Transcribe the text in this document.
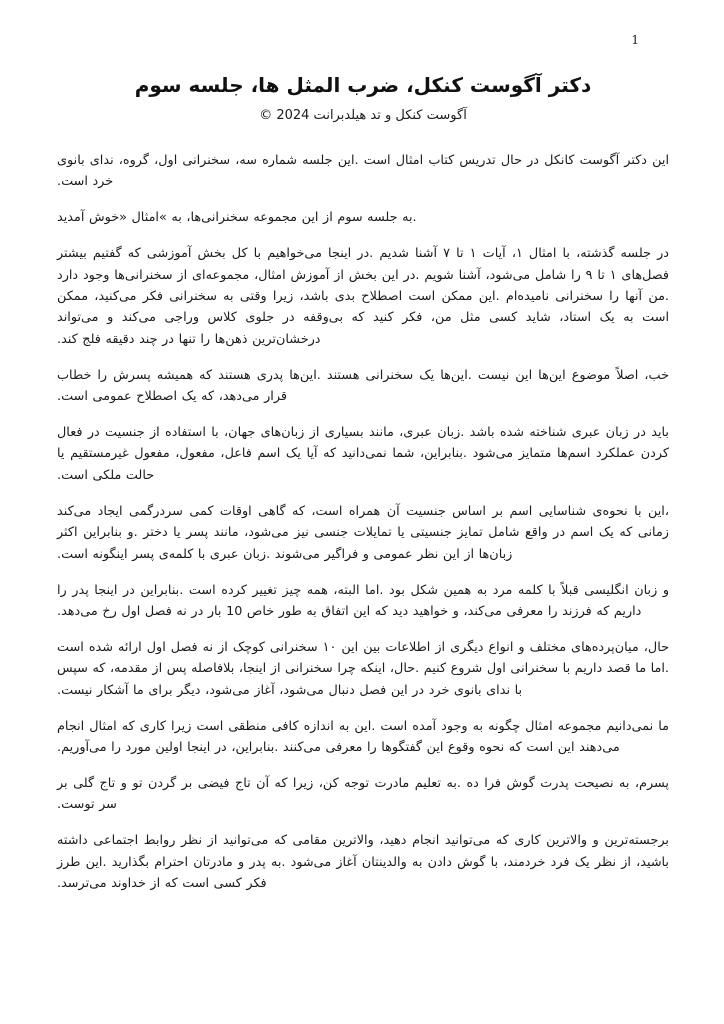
1
دکتر آگوست کنکل، ضرب المثل ها، جلسه سوم
آگوست کنکل و تد هیلدبرانت 2024 ©

این دکتر آگوست کانکل در حال تدریس کتاب امثال است .این جلسه شماره سه، سخنرانی اول، گروه، ندای بانوی خرد است.

.به جلسه سوم از این مجموعه سخنرانی‌ها، به »امثال «خوش آمدید

در جلسه گذشته، با امثال ۱، آیات ۱ تا ۷ آشنا شدیم .در اینجا می‌خواهیم با کل بخش آموزشی که گفتیم بیشتر فصل‌های ۱ تا ۹ را شامل می‌شود، آشنا شویم .در این بخش از آموزش امثال، مجموعه‌ای از سخنرانی‌ها وجود دارد .من آنها را سخنرانی نامیده‌ام .این ممکن است اصطلاح بدی باشد، زیرا وقتی به سخنرانی فکر می‌کنید، ممکن است به یک استاد، شاید کسی مثل من، فکر کنید که بی‌وقفه در جلوی کلاس وراجی می‌کند و می‌تواند درخشان‌ترین ذهن‌ها را تنها در چند دقیقه فلج کند.

خب، اصلاً موضوع این‌ها این نیست .این‌ها یک سخنرانی هستند .این‌ها پدری هستند که همیشه پسرش را خطاب قرار می‌دهد، که یک اصطلاح عمومی است.

باید در زبان عبری شناخته شده باشد .زبان عبری، مانند بسیاری از زبان‌های جهان، با استفاده از جنسیت در فعال کردن عملکرد اسم‌ها متمایز می‌شود .بنابراین، شما نمی‌دانید که آیا یک اسم فاعل، مفعول، مفعول غیرمستقیم یا حالت ملکی است.

،این با نحوه‌ی شناسایی اسم بر اساس جنسیت آن همراه است، که گاهی اوقات کمی سردرگمی ایجاد می‌کند زمانی که یک اسم در واقع شامل تمایز جنسیتی یا تمایلات جنسی نیز می‌شود، مانند پسر یا دختر .و بنابراین اکثر زبان‌ها از این نظر عمومی و فراگیر می‌شوند .زبان عبری با کلمه‌ی پسر اینگونه است.

و زبان انگلیسی قبلاً با کلمه مرد به همین شکل بود .اما البته، همه چیز تغییر کرده است .بنابراین در اینجا پدر را داریم که فرزند را معرفی می‌کند، و خواهید دید که این اتفاق به طور خاص 10 بار در نه فصل اول رخ می‌دهد.

حال، میان‌پرده‌های مختلف و انواع دیگری از اطلاعات بین این ۱۰ سخنرانی کوچک از نه فصل اول ارائه شده است .اما ما قصد داریم با سخنرانی اول شروع کنیم .حال، اینکه چرا سخنرانی از اینجا، بلافاصله پس از مقدمه، که سپس با ندای بانوی خرد در این فصل دنبال می‌شود، آغاز می‌شود، دیگر برای ما آشکار نیست.

ما نمی‌دانیم مجموعه امثال چگونه به وجود آمده است .این به اندازه کافی منطقی است زیرا کاری که امثال انجام می‌دهند این است که نحوه وقوع این گفتگوها را معرفی می‌کنند .بنابراین، در اینجا اولین مورد را می‌آوریم.

پسرم، به نصیحت پدرت گوش فرا ده .به تعلیم مادرت توجه کن، زیرا که آن تاج فیضی بر گردن تو و تاج گلی بر سر توست.

برجسته‌ترین و والاترین کاری که می‌توانید انجام دهید، والاترین مقامی که می‌توانید از نظر روابط اجتماعی داشته باشید، از نظر یک فرد خردمند، با گوش دادن به والدینتان آغاز می‌شود .به پدر و مادرتان احترام بگذارید .این طرز فکر کسی است که از خداوند می‌ترسد.
